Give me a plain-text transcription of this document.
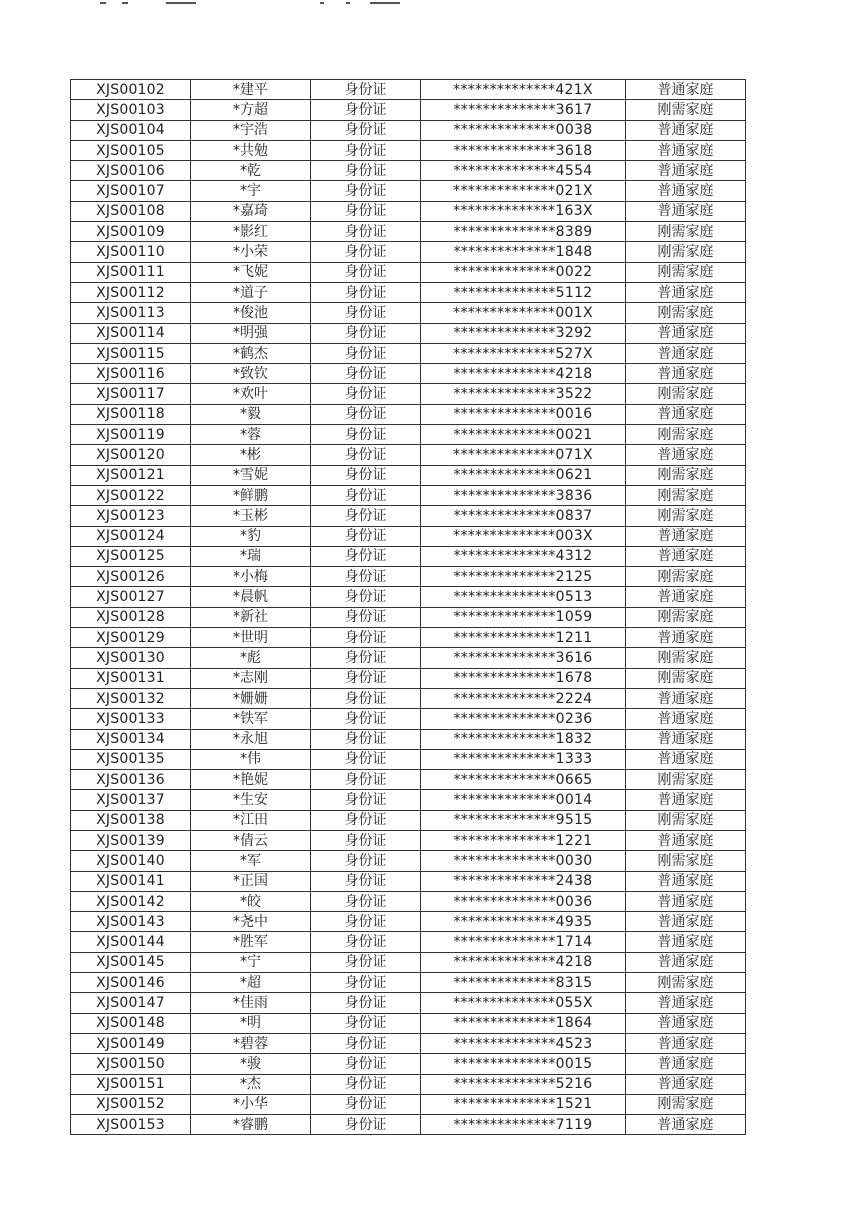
XJS00102	*建平	身份证	**************421X	普通家庭
XJS00103	*方超	身份证	**************3617	刚需家庭
XJS00104	*宇浩	身份证	**************0038	普通家庭
XJS00105	*共勉	身份证	**************3618	普通家庭
XJS00106	*乾	身份证	**************4554	普通家庭
XJS00107	*宇	身份证	**************021X	普通家庭
XJS00108	*嘉琦	身份证	**************163X	普通家庭
XJS00109	*影红	身份证	**************8389	刚需家庭
XJS00110	*小荣	身份证	**************1848	刚需家庭
XJS00111	*飞妮	身份证	**************0022	刚需家庭
XJS00112	*道子	身份证	**************5112	普通家庭
XJS00113	*俊池	身份证	**************001X	刚需家庭
XJS00114	*明强	身份证	**************3292	普通家庭
XJS00115	*鹤杰	身份证	**************527X	普通家庭
XJS00116	*致钦	身份证	**************4218	普通家庭
XJS00117	*欢叶	身份证	**************3522	刚需家庭
XJS00118	*毅	身份证	**************0016	普通家庭
XJS00119	*蓉	身份证	**************0021	刚需家庭
XJS00120	*彬	身份证	**************071X	普通家庭
XJS00121	*雪妮	身份证	**************0621	刚需家庭
XJS00122	*鲜鹏	身份证	**************3836	刚需家庭
XJS00123	*玉彬	身份证	**************0837	刚需家庭
XJS00124	*豹	身份证	**************003X	普通家庭
XJS00125	*瑞	身份证	**************4312	普通家庭
XJS00126	*小梅	身份证	**************2125	刚需家庭
XJS00127	*晨帆	身份证	**************0513	普通家庭
XJS00128	*新社	身份证	**************1059	刚需家庭
XJS00129	*世明	身份证	**************1211	普通家庭
XJS00130	*彪	身份证	**************3616	刚需家庭
XJS00131	*志刚	身份证	**************1678	刚需家庭
XJS00132	*姗姗	身份证	**************2224	普通家庭
XJS00133	*铁军	身份证	**************0236	普通家庭
XJS00134	*永旭	身份证	**************1832	普通家庭
XJS00135	*伟	身份证	**************1333	普通家庭
XJS00136	*艳妮	身份证	**************0665	刚需家庭
XJS00137	*生安	身份证	**************0014	普通家庭
XJS00138	*江田	身份证	**************9515	刚需家庭
XJS00139	*倩云	身份证	**************1221	普通家庭
XJS00140	*军	身份证	**************0030	刚需家庭
XJS00141	*正国	身份证	**************2438	普通家庭
XJS00142	*皎	身份证	**************0036	普通家庭
XJS00143	*尧中	身份证	**************4935	普通家庭
XJS00144	*胜军	身份证	**************1714	普通家庭
XJS00145	*宁	身份证	**************4218	普通家庭
XJS00146	*超	身份证	**************8315	刚需家庭
XJS00147	*佳雨	身份证	**************055X	普通家庭
XJS00148	*明	身份证	**************1864	普通家庭
XJS00149	*碧蓉	身份证	**************4523	普通家庭
XJS00150	*骏	身份证	**************0015	普通家庭
XJS00151	*杰	身份证	**************5216	普通家庭
XJS00152	*小华	身份证	**************1521	刚需家庭
XJS00153	*睿鹏	身份证	**************7119	普通家庭
